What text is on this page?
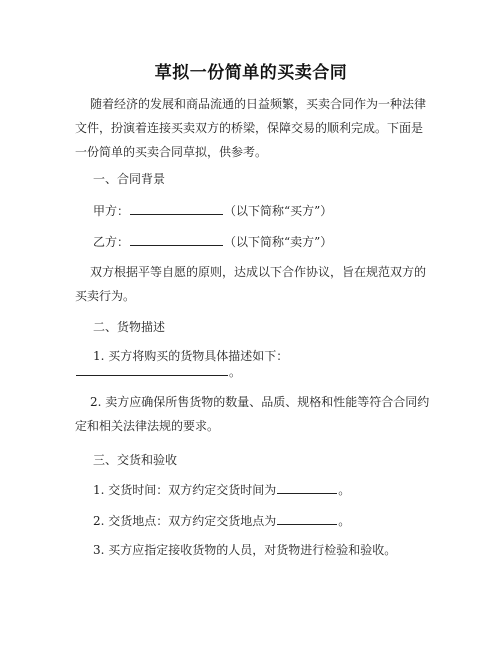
草拟一份简单的买卖合同
随着经济的发展和商品流通的日益频繁，买卖合同作为一种法律文件，扮演着连接买卖双方的桥梁，保障交易的顺利完成。下面是一份简单的买卖合同草拟，供参考。
一、合同背景
甲方：	（以下简称“买方”）
乙方：	（以下简称“卖方”）
双方根据平等自愿的原则，达成以下合作协议，旨在规范双方的买卖行为。
二、货物描述
1. 买方将购买的货物具体描述如下：
。
2. 卖方应确保所售货物的数量、品质、规格和性能等符合合同约定和相关法律法规的要求。
三、交货和验收
1. 交货时间：双方约定交货时间为	。
2. 交货地点：双方约定交货地点为	。
3. 买方应指定接收货物的人员，对货物进行检验和验收。
